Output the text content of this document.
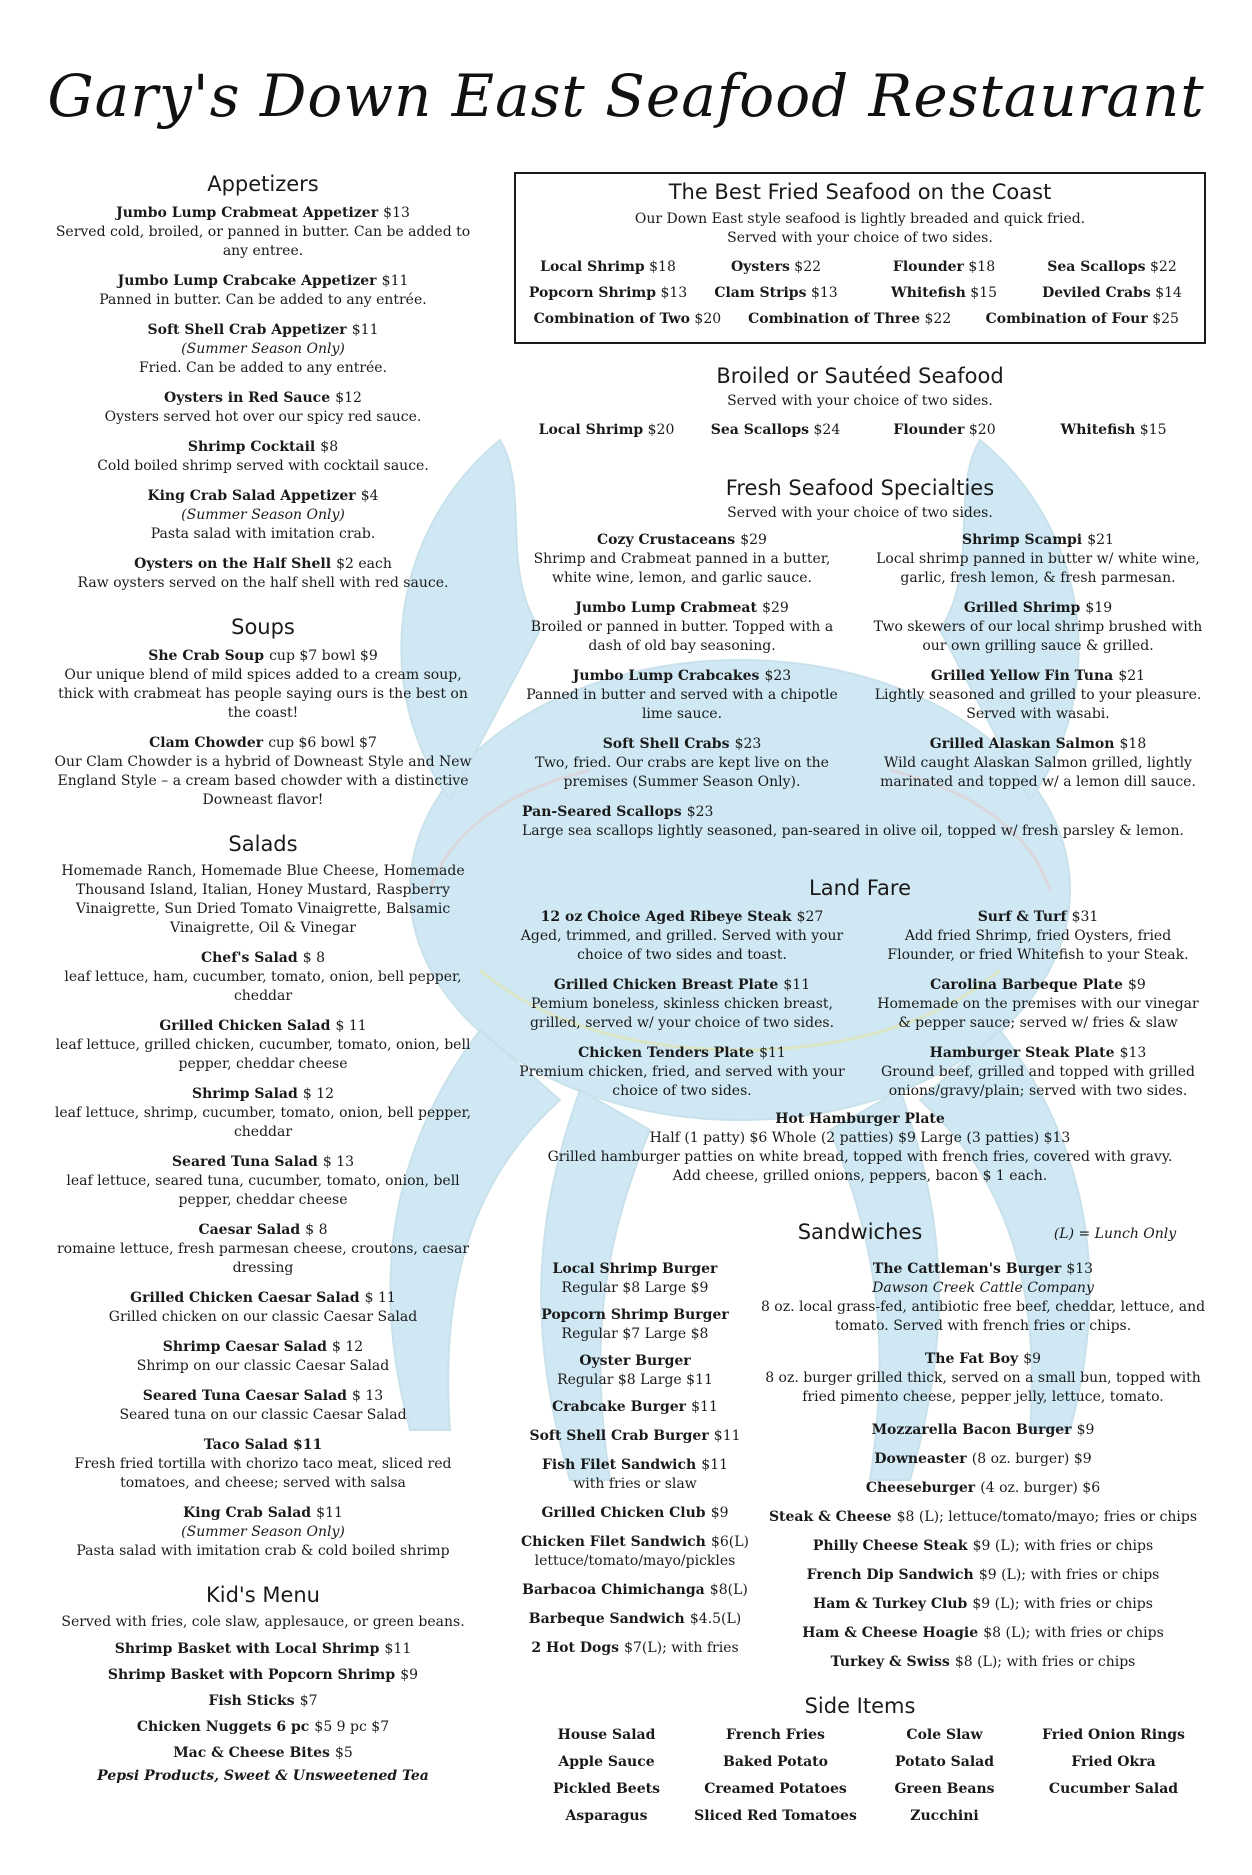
Gary's Down East Seafood Restaurant
Appetizers
Jumbo Lump Crabmeat Appetizer $13
Served cold, broiled, or panned in butter. Can be added to any entree.
Jumbo Lump Crabcake Appetizer $11
Panned in butter. Can be added to any entrée.
Soft Shell Crab Appetizer $11
(Summer Season Only)
Fried. Can be added to any entrée.
Oysters in Red Sauce $12
Oysters served hot over our spicy red sauce.
Shrimp Cocktail $8
Cold boiled shrimp served with cocktail sauce.
King Crab Salad Appetizer $4
(Summer Season Only)
Pasta salad with imitation crab.
Oysters on the Half Shell $2 each
Raw oysters served on the half shell with red sauce.
Soups
She Crab Soup cup $7 bowl $9
Our unique blend of mild spices added to a cream soup, thick with crabmeat has people saying ours is the best on the coast!
Clam Chowder cup $6 bowl $7
Our Clam Chowder is a hybrid of Downeast Style and New England Style – a cream based chowder with a distinctive Downeast flavor!
Salads
Homemade Ranch, Homemade Blue Cheese, Homemade Thousand Island, Italian, Honey Mustard, Raspberry Vinaigrette, Sun Dried Tomato Vinaigrette, Balsamic Vinaigrette, Oil & Vinegar
Chef's Salad $ 8
leaf lettuce, ham, cucumber, tomato, onion, bell pepper, cheddar
Grilled Chicken Salad $ 11
leaf lettuce, grilled chicken, cucumber, tomato, onion, bell pepper, cheddar cheese
Shrimp Salad $ 12
leaf lettuce, shrimp, cucumber, tomato, onion, bell pepper, cheddar
Seared Tuna Salad $ 13
leaf lettuce, seared tuna, cucumber, tomato, onion, bell pepper, cheddar cheese
Caesar Salad $ 8
romaine lettuce, fresh parmesan cheese, croutons, caesar dressing
Grilled Chicken Caesar Salad $ 11
Grilled chicken on our classic Caesar Salad
Shrimp Caesar Salad $ 12
Shrimp on our classic Caesar Salad
Seared Tuna Caesar Salad $ 13
Seared tuna on our classic Caesar Salad
Taco Salad $11
Fresh fried tortilla with chorizo taco meat, sliced red tomatoes, and cheese; served with salsa
King Crab Salad $11
(Summer Season Only)
Pasta salad with imitation crab & cold boiled shrimp
Kid's Menu
Served with fries, cole slaw, applesauce, or green beans.
Shrimp Basket with Local Shrimp $11
Shrimp Basket with Popcorn Shrimp $9
Fish Sticks $7
Chicken Nuggets 6 pc $5 9 pc $7
Mac & Cheese Bites $5
Pepsi Products, Sweet & Unsweetened Tea
The Best Fried Seafood on the Coast
Our Down East style seafood is lightly breaded and quick fried.
Served with your choice of two sides.
Local Shrimp $18	Oysters $22	Flounder $18	Sea Scallops $22
Popcorn Shrimp $13	Clam Strips $13	Whitefish $15	Deviled Crabs $14
Combination of Two $20	Combination of Three $22	Combination of Four $25
Broiled or Sautéed Seafood
Served with your choice of two sides.
Local Shrimp $20	Sea Scallops $24	Flounder $20	Whitefish $15
Fresh Seafood Specialties
Served with your choice of two sides.
Cozy Crustaceans $29
Shrimp and Crabmeat panned in a butter, white wine, lemon, and garlic sauce.
Shrimp Scampi $21
Local shrimp panned in butter w/ white wine, garlic, fresh lemon, & fresh parmesan.
Jumbo Lump Crabmeat $29
Broiled or panned in butter. Topped with a dash of old bay seasoning.
Grilled Shrimp $19
Two skewers of our local shrimp brushed with our own grilling sauce & grilled.
Jumbo Lump Crabcakes $23
Panned in butter and served with a chipotle lime sauce.
Grilled Yellow Fin Tuna $21
Lightly seasoned and grilled to your pleasure. Served with wasabi.
Soft Shell Crabs $23
Two, fried. Our crabs are kept live on the premises (Summer Season Only).
Grilled Alaskan Salmon $18
Wild caught Alaskan Salmon grilled, lightly marinated and topped w/ a lemon dill sauce.
Pan-Seared Scallops $23
Large sea scallops lightly seasoned, pan-seared in olive oil, topped w/ fresh parsley & lemon.
Land Fare
12 oz Choice Aged Ribeye Steak $27
Aged, trimmed, and grilled. Served with your choice of two sides and toast.
Surf & Turf $31
Add fried Shrimp, fried Oysters, fried Flounder, or fried Whitefish to your Steak.
Grilled Chicken Breast Plate $11
Pemium boneless, skinless chicken breast, grilled, served w/ your choice of two sides.
Carolina Barbeque Plate $9
Homemade on the premises with our vinegar & pepper sauce; served w/ fries & slaw
Chicken Tenders Plate $11
Premium chicken, fried, and served with your choice of two sides.
Hamburger Steak Plate $13
Ground beef, grilled and topped with grilled onions/gravy/plain; served with two sides.
Hot Hamburger Plate
Half (1 patty) $6 Whole (2 patties) $9 Large (3 patties) $13
Grilled hamburger patties on white bread, topped with french fries, covered with gravy.
Add cheese, grilled onions, peppers, bacon $ 1 each.
Sandwiches	(L) = Lunch Only
Local Shrimp Burger
Regular $8 Large $9
Popcorn Shrimp Burger
Regular $7 Large $8
Oyster Burger
Regular $8 Large $11
Crabcake Burger $11
Soft Shell Crab Burger $11
Fish Filet Sandwich $11
with fries or slaw
Grilled Chicken Club $9
Chicken Filet Sandwich $6(L)
lettuce/tomato/mayo/pickles
Barbacoa Chimichanga $8(L)
Barbeque Sandwich $4.5(L)
2 Hot Dogs $7(L); with fries
The Cattleman's Burger $13
Dawson Creek Cattle Company
8 oz. local grass-fed, antibiotic free beef, cheddar, lettuce, and tomato. Served with french fries or chips.
The Fat Boy $9
8 oz. burger grilled thick, served on a small bun, topped with fried pimento cheese, pepper jelly, lettuce, tomato.
Mozzarella Bacon Burger $9
Downeaster (8 oz. burger) $9
Cheeseburger (4 oz. burger) $6
Steak & Cheese $8 (L); lettuce/tomato/mayo; fries or chips
Philly Cheese Steak $9 (L); with fries or chips
French Dip Sandwich $9 (L); with fries or chips
Ham & Turkey Club $9 (L); with fries or chips
Ham & Cheese Hoagie $8 (L); with fries or chips
Turkey & Swiss $8 (L); with fries or chips
Side Items
House Salad	French Fries	Cole Slaw	Fried Onion Rings
Apple Sauce	Baked Potato	Potato Salad	Fried Okra
Pickled Beets	Creamed Potatoes	Green Beans	Cucumber Salad
Asparagus	Sliced Red Tomatoes	Zucchini
